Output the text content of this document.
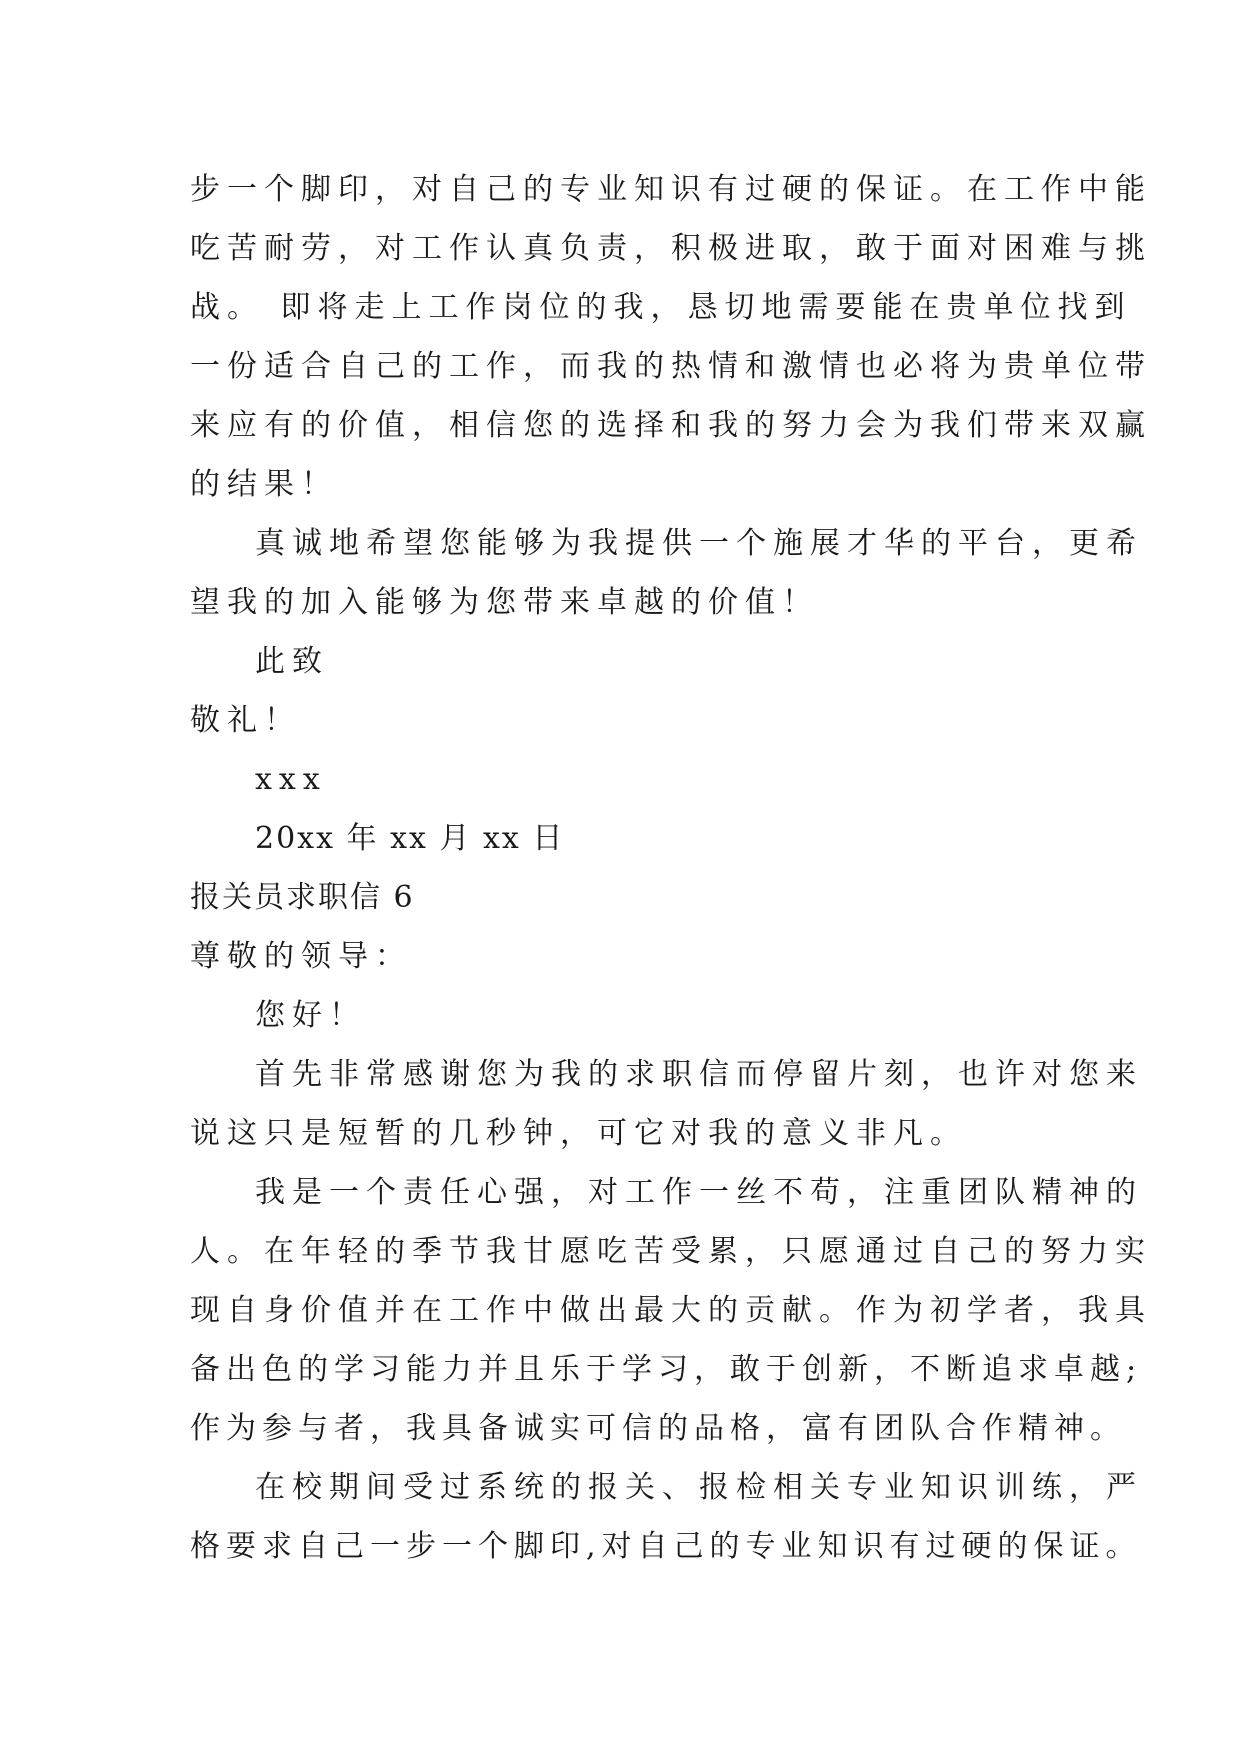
步一个脚印，对自己的专业知识有过硬的保证。在工作中能
吃苦耐劳，对工作认真负责，积极进取，敢于面对困难与挑
战。 即将走上工作岗位的我，恳切地需要能在贵单位找到
一份适合自己的工作，而我的热情和激情也必将为贵单位带
来应有的价值，相信您的选择和我的努力会为我们带来双赢
的结果！
真诚地希望您能够为我提供一个施展才华的平台，更希
望我的加入能够为您带来卓越的价值！
此致
敬礼！
xxx
20xx 年 xx 月 xx 日
报关员求职信 6
尊敬的领导：
您好！
首先非常感谢您为我的求职信而停留片刻，也许对您来
说这只是短暂的几秒钟，可它对我的意义非凡。
我是一个责任心强，对工作一丝不苟，注重团队精神的
人。在年轻的季节我甘愿吃苦受累，只愿通过自己的努力实
现自身价值并在工作中做出最大的贡献。作为初学者，我具
备出色的学习能力并且乐于学习，敢于创新，不断追求卓越;
作为参与者，我具备诚实可信的品格，富有团队合作精神。
在校期间受过系统的报关、报检相关专业知识训练，严
格要求自己一步一个脚印,对自己的专业知识有过硬的保证。
